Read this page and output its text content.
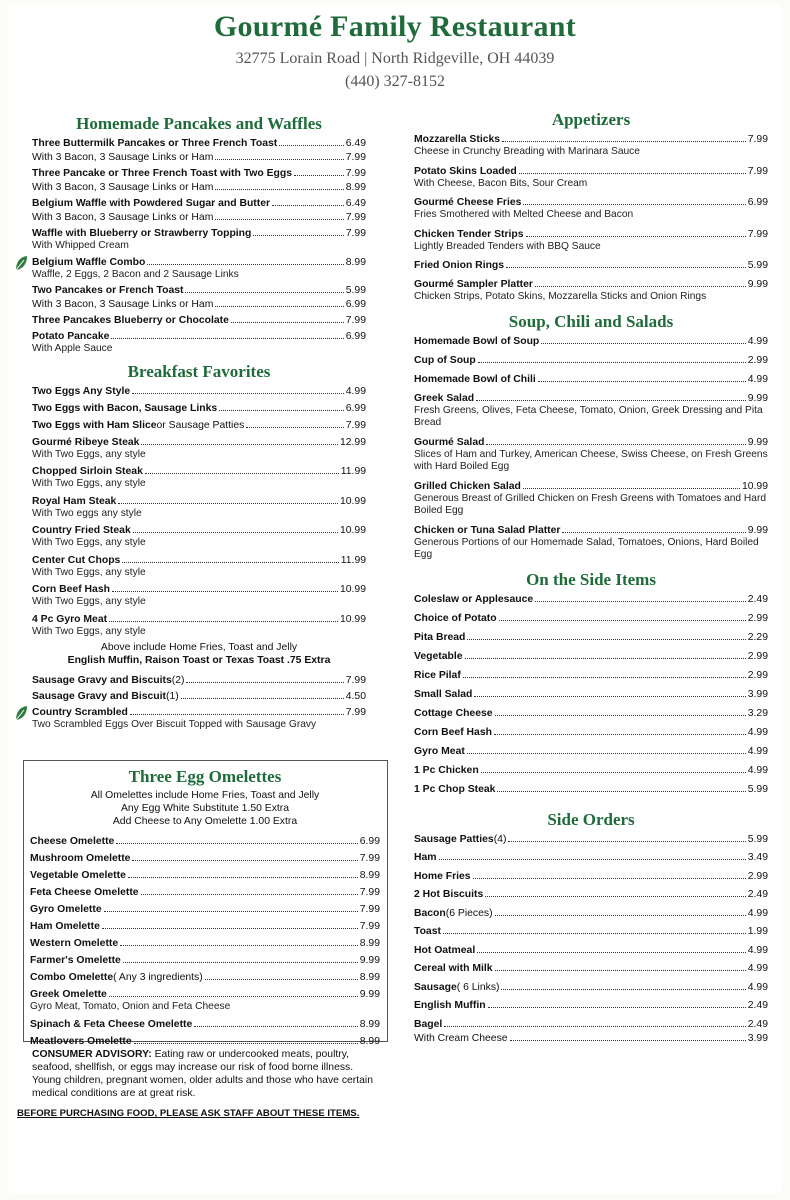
Gourmé Family Restaurant
32775 Lorain Road | North Ridgeville, OH 44039
(440) 327-8152
Homemade Pancakes and Waffles
Three Buttermilk Pancakes or Three French Toast	6.49
With 3 Bacon, 3 Sausage Links or Ham	7.99
Three Pancake or Three French Toast with Two Eggs	7.99
With 3 Bacon, 3 Sausage Links or Ham	8.99
Belgium Waffle with Powdered Sugar and Butter	6.49
With 3 Bacon, 3 Sausage Links or Ham	7.99
Waffle with Blueberry or Strawberry Topping	7.99
With Whipped Cream
Belgium Waffle Combo	8.99
Waffle, 2 Eggs, 2 Bacon and 2 Sausage Links
Two Pancakes or French Toast	5.99
With 3 Bacon, 3 Sausage Links or Ham	6.99
Three Pancakes Blueberry or Chocolate	7.99
Potato Pancake	6.99
With Apple Sauce
Breakfast Favorites
Two Eggs Any Style	4.99
Two Eggs with Bacon, Sausage Links	6.99
Two Eggs with Ham Slice or Sausage Patties	7.99
Gourmé Ribeye Steak	12.99
With Two Eggs, any style
Chopped Sirloin Steak	11.99
With Two Eggs, any style
Royal Ham Steak	10.99
With Two eggs any style
Country Fried Steak	10.99
With Two Eggs, any style
Center Cut Chops	11.99
With Two Eggs, any style
Corn Beef Hash	10.99
With Two Eggs, any style
4 Pc Gyro Meat	10.99
With Two Eggs, any style
Above include Home Fries, Toast and Jelly
English Muffin, Raison Toast or Texas Toast .75 Extra
Sausage Gravy and Biscuits (2)	7.99
Sausage Gravy and Biscuit (1)	4.50
Country Scrambled	7.99
Two Scrambled Eggs Over Biscuit Topped with Sausage Gravy
Three Egg Omelettes
All Omelettes include Home Fries, Toast and Jelly
Any Egg White Substitute 1.50 Extra
Add Cheese to Any Omelette 1.00 Extra
Cheese Omelette	6.99
Mushroom Omelette	7.99
Vegetable Omelette	8.99
Feta Cheese Omelette	7.99
Gyro Omelette	7.99
Ham Omelette	7.99
Western Omelette	8.99
Farmer's Omelette	9.99
Combo Omelette ( Any 3 ingredients)	8.99
Greek Omelette	9.99
Gyro Meat, Tomato, Onion and Feta Cheese
Spinach & Feta Cheese Omelette	8.99
Meatlovers Omelette	8.99
CONSUMER ADVISORY: Eating raw or undercooked meats, poultry, seafood, shellfish, or eggs may increase our risk of food borne illness. Young children, pregnant women, older adults and those who have certain medical conditions are at great risk.
BEFORE PURCHASING FOOD, PLEASE ASK STAFF ABOUT THESE ITEMS.
Appetizers
Mozzarella Sticks	7.99
Cheese in Crunchy Breading with Marinara Sauce
Potato Skins Loaded	7.99
With Cheese, Bacon Bits, Sour Cream
Gourmé Cheese Fries	6.99
Fries Smothered with Melted Cheese and Bacon
Chicken Tender Strips	7.99
Lightly Breaded Tenders with BBQ Sauce
Fried Onion Rings	5.99
Gourmé Sampler Platter	9.99
Chicken Strips, Potato Skins, Mozzarella Sticks and Onion Rings
Soup, Chili and Salads
Homemade Bowl of Soup	4.99
Cup of Soup	2.99
Homemade Bowl of Chili	4.99
Greek Salad	9.99
Fresh Greens, Olives, Feta Cheese, Tomato, Onion, Greek Dressing and Pita Bread
Gourmé Salad	9.99
Slices of Ham and Turkey, American Cheese, Swiss Cheese, on Fresh Greens with Hard Boiled Egg
Grilled Chicken Salad	10.99
Generous Breast of Grilled Chicken on Fresh Greens with Tomatoes and Hard Boiled Egg
Chicken or Tuna Salad Platter	9.99
Generous Portions of our Homemade Salad, Tomatoes, Onions, Hard Boiled Egg
On the Side Items
Coleslaw or Applesauce	2.49
Choice of Potato	2.99
Pita Bread	2.29
Vegetable	2.99
Rice Pilaf	2.99
Small Salad	3.99
Cottage Cheese	3.29
Corn Beef Hash	4.99
Gyro Meat	4.99
1 Pc Chicken	4.99
1 Pc Chop Steak	5.99
Side Orders
Sausage Patties (4)	5.99
Ham	3.49
Home Fries	2.99
2 Hot Biscuits	2.49
Bacon (6 Pieces)	4.99
Toast	1.99
Hot Oatmeal	4.99
Cereal with Milk	4.99
Sausage ( 6 Links)	4.99
English Muffin	2.49
Bagel	2.49
With Cream Cheese	3.99
